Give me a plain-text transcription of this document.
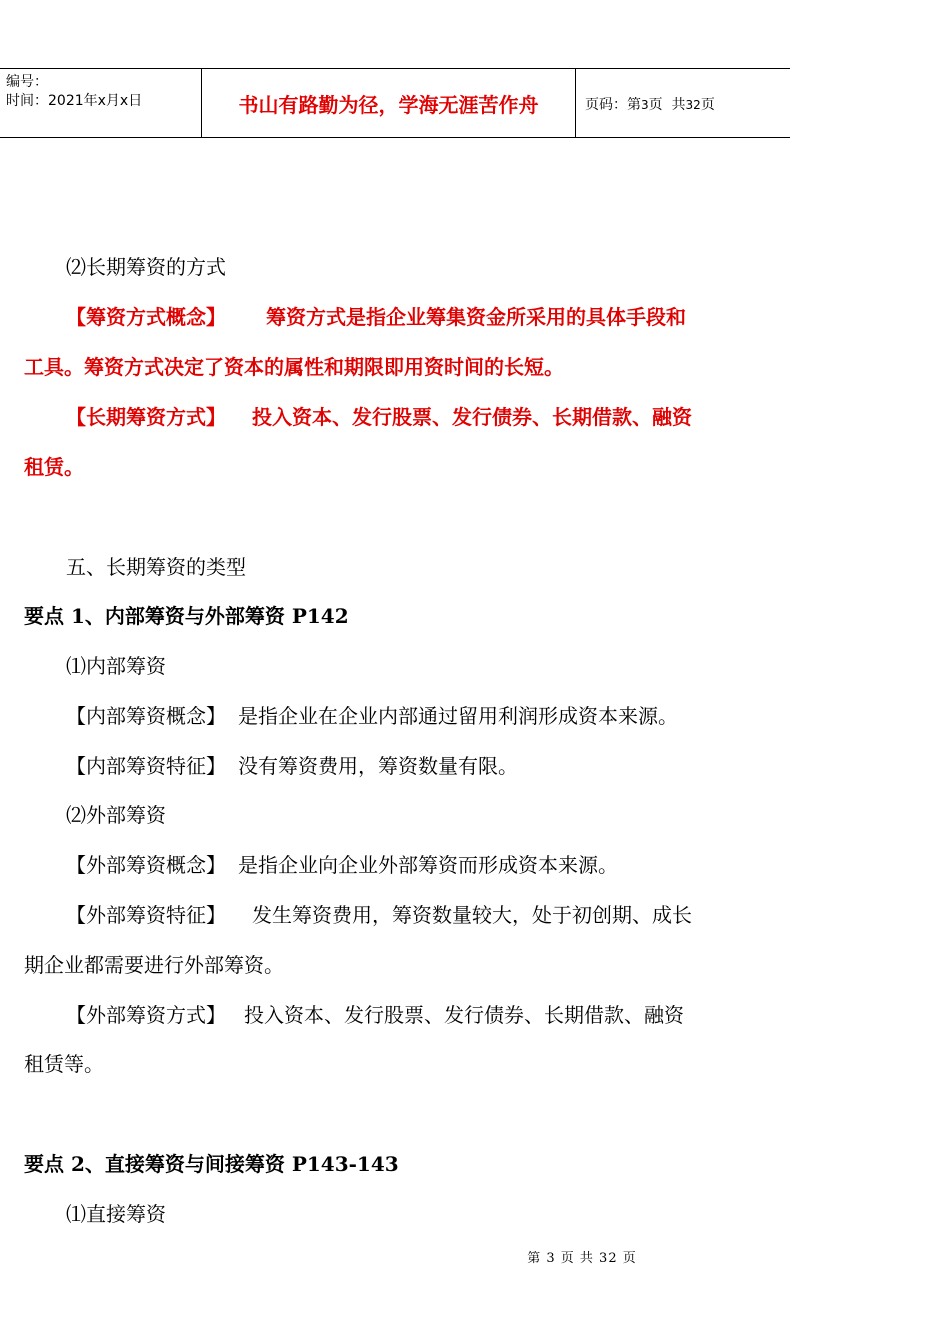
编号：
时间：2021年x月x日	书山有路勤为径，学海无涯苦作舟	页码：第3页  共32页
⑵长期筹资的方式
【筹资方式概念】 筹资方式是指企业筹集资金所采用的具体手段和
工具。筹资方式决定了资本的属性和期限即用资时间的长短。
【长期筹资方式】 投入资本、发行股票、发行债券、长期借款、融资
租赁。
五、长期筹资的类型
要点 1、内部筹资与外部筹资 P142
⑴内部筹资
【内部筹资概念】 是指企业在企业内部通过留用利润形成资本来源。
【内部筹资特征】 没有筹资费用，筹资数量有限。
⑵外部筹资
【外部筹资概念】 是指企业向企业外部筹资而形成资本来源。
【外部筹资特征】 发生筹资费用，筹资数量较大，处于初创期、成长
期企业都需要进行外部筹资。
【外部筹资方式】 投入资本、发行股票、发行债券、长期借款、融资
租赁等。
要点 2、直接筹资与间接筹资 P143-143
⑴直接筹资
第 3 页 共 32 页
